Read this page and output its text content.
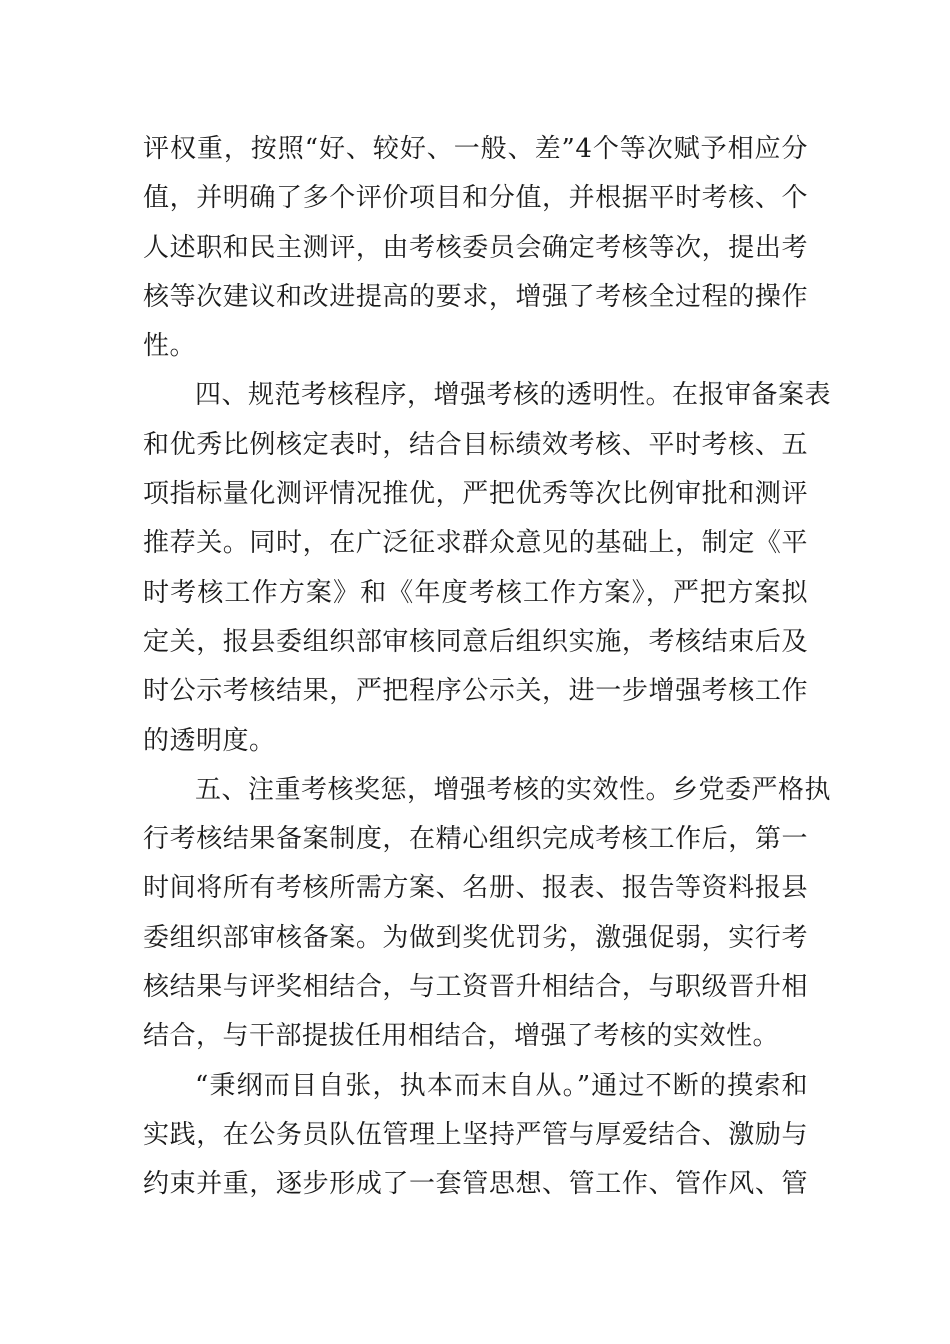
评权重，按照“好、较好、一般、差”4个等次赋予相应分
值，并明确了多个评价项目和分值，并根据平时考核、个
人述职和民主测评，由考核委员会确定考核等次，提出考
核等次建议和改进提高的要求，增强了考核全过程的操作
性。
四、规范考核程序，增强考核的透明性。在报审备案表
和优秀比例核定表时，结合目标绩效考核、平时考核、五
项指标量化测评情况推优，严把优秀等次比例审批和测评
推荐关。同时，在广泛征求群众意见的基础上，制定《平
时考核工作方案》和《年度考核工作方案》，严把方案拟
定关，报县委组织部审核同意后组织实施，考核结束后及
时公示考核结果，严把程序公示关，进一步增强考核工作
的透明度。
五、注重考核奖惩，增强考核的实效性。乡党委严格执
行考核结果备案制度，在精心组织完成考核工作后，第一
时间将所有考核所需方案、名册、报表、报告等资料报县
委组织部审核备案。为做到奖优罚劣，激强促弱，实行考
核结果与评奖相结合，与工资晋升相结合，与职级晋升相
结合，与干部提拔任用相结合，增强了考核的实效性。
“秉纲而目自张，执本而末自从。”通过不断的摸索和
实践，在公务员队伍管理上坚持严管与厚爱结合、激励与
约束并重，逐步形成了一套管思想、管工作、管作风、管
